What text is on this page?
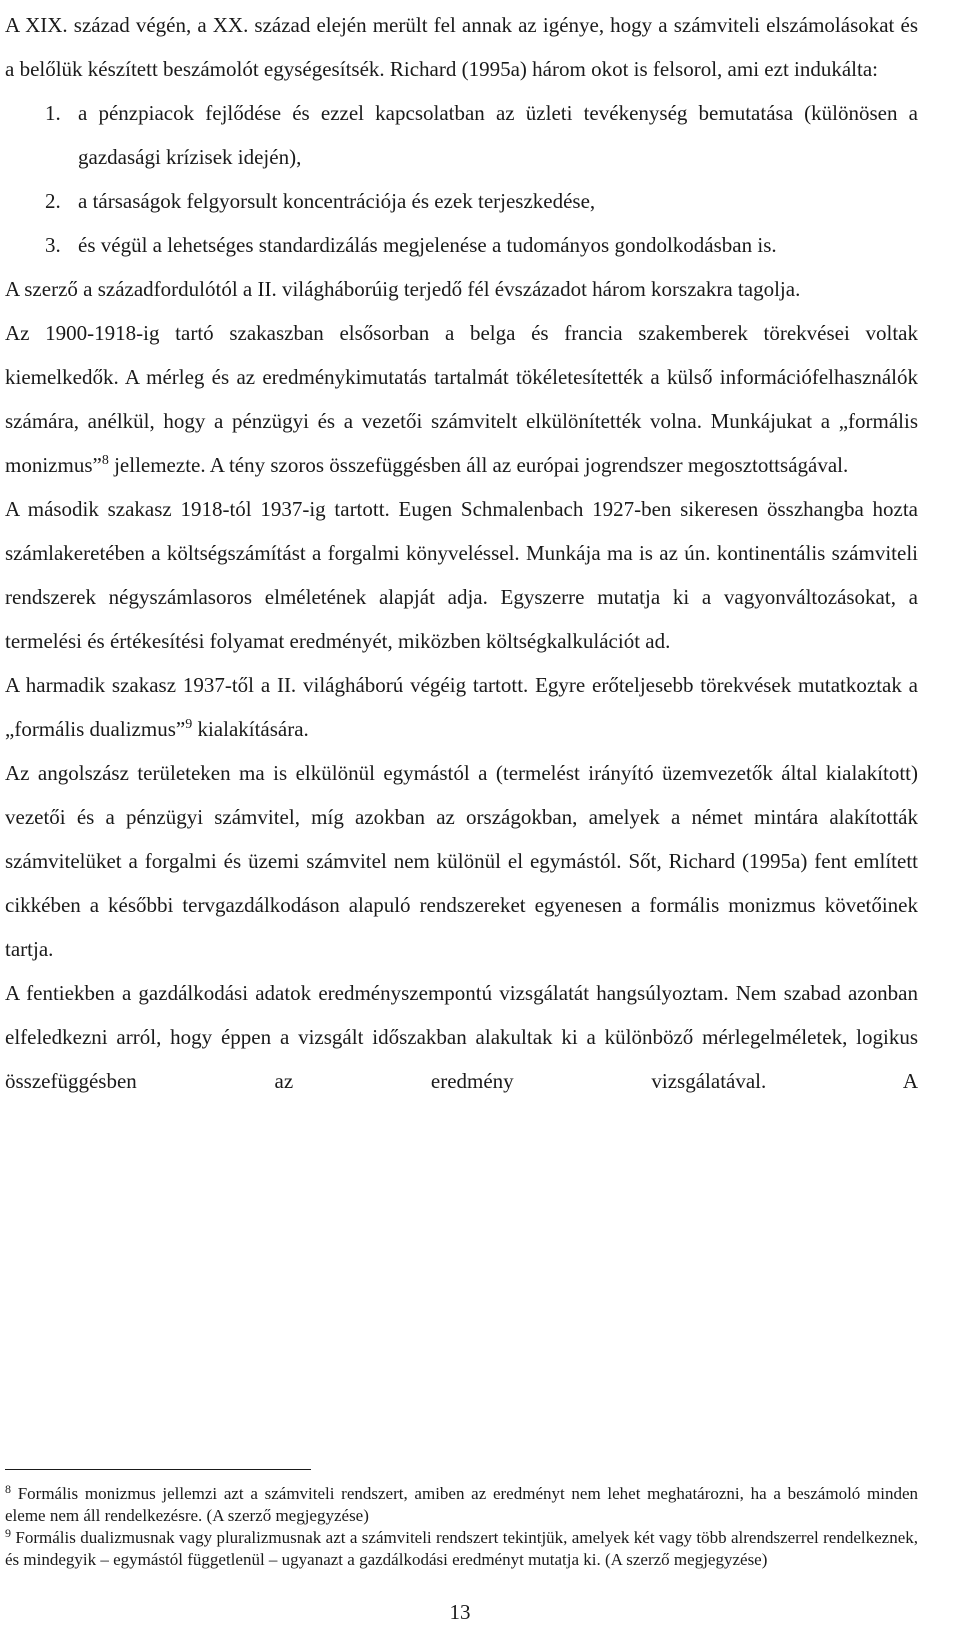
A XIX. század végén, a XX. század elején merült fel annak az igénye, hogy a számviteli elszámolásokat és a belőlük készített beszámolót egységesítsék. Richard (1995a) három okot is felsorol, ami ezt indukálta:

1. a pénzpiacok fejlődése és ezzel kapcsolatban az üzleti tevékenység bemutatása (különösen a gazdasági krízisek idején),
2. a társaságok felgyorsult koncentrációja és ezek terjeszkedése,
3. és végül a lehetséges standardizálás megjelenése a tudományos gondolkodásban is.

A szerző a századfordulótól a II. világháborúig terjedő fél évszázadot három korszakra tagolja.

Az 1900-1918-ig tartó szakaszban elsősorban a belga és francia szakemberek törekvései voltak kiemelkedők. A mérleg és az eredménykimutatás tartalmát tökéletesítették a külső információfelhasználók számára, anélkül, hogy a pénzügyi és a vezetői számvitelt elkülönítették volna. Munkájukat a „formális monizmus”$^8$ jellemezte. A tény szoros összefüggésben áll az európai jogrendszer megosztottságával.

A második szakasz 1918-tól 1937-ig tartott. Eugen Schmalenbach 1927-ben sikeresen összhangba hozta számlakeretében a költségszámítást a forgalmi könyveléssel. Munkája ma is az ún. kontinentális számviteli rendszerek négyszámlasoros elméletének alapját adja. Egyszerre mutatja ki a vagyonváltozásokat, a termelési és értékesítési folyamat eredményét, miközben költségkalkulációt ad.

A harmadik szakasz 1937-től a II. világháború végéig tartott. Egyre erőteljesebb törekvések mutatkoztak a „formális dualizmus”$^9$ kialakítására.

Az angolszász területeken ma is elkülönül egymástól a (termelést irányító üzemvezetők által kialakított) vezetői és a pénzügyi számvitel, míg azokban az országokban, amelyek a német mintára alakították számvitelüket a forgalmi és üzemi számvitel nem különül el egymástól. Sőt, Richard (1995a) fent említett cikkében a későbbi tervgazdálkodáson alapuló rendszereket egyenesen a formális monizmus követőinek tartja.

A fentiekben a gazdálkodási adatok eredményszempontú vizsgálatát hangsúlyoztam. Nem szabad azonban elfeledkezni arról, hogy éppen a vizsgált időszakban alakultak ki a különböző mérlegelméletek, logikus összefüggésben az eredmény vizsgálatával. A

$^8$ Formális monizmus jellemzi azt a számviteli rendszert, amiben az eredményt nem lehet meghatározni, ha a beszámoló minden eleme nem áll rendelkezésre. (A szerző megjegyzése)

$^9$ Formális dualizmusnak vagy pluralizmusnak azt a számviteli rendszert tekintjük, amelyek két vagy több alrendszerrel rendelkeznek, és mindegyik – egymástól függetlenül – ugyanazt a gazdálkodási eredményt mutatja ki. (A szerző megjegyzése)

13
